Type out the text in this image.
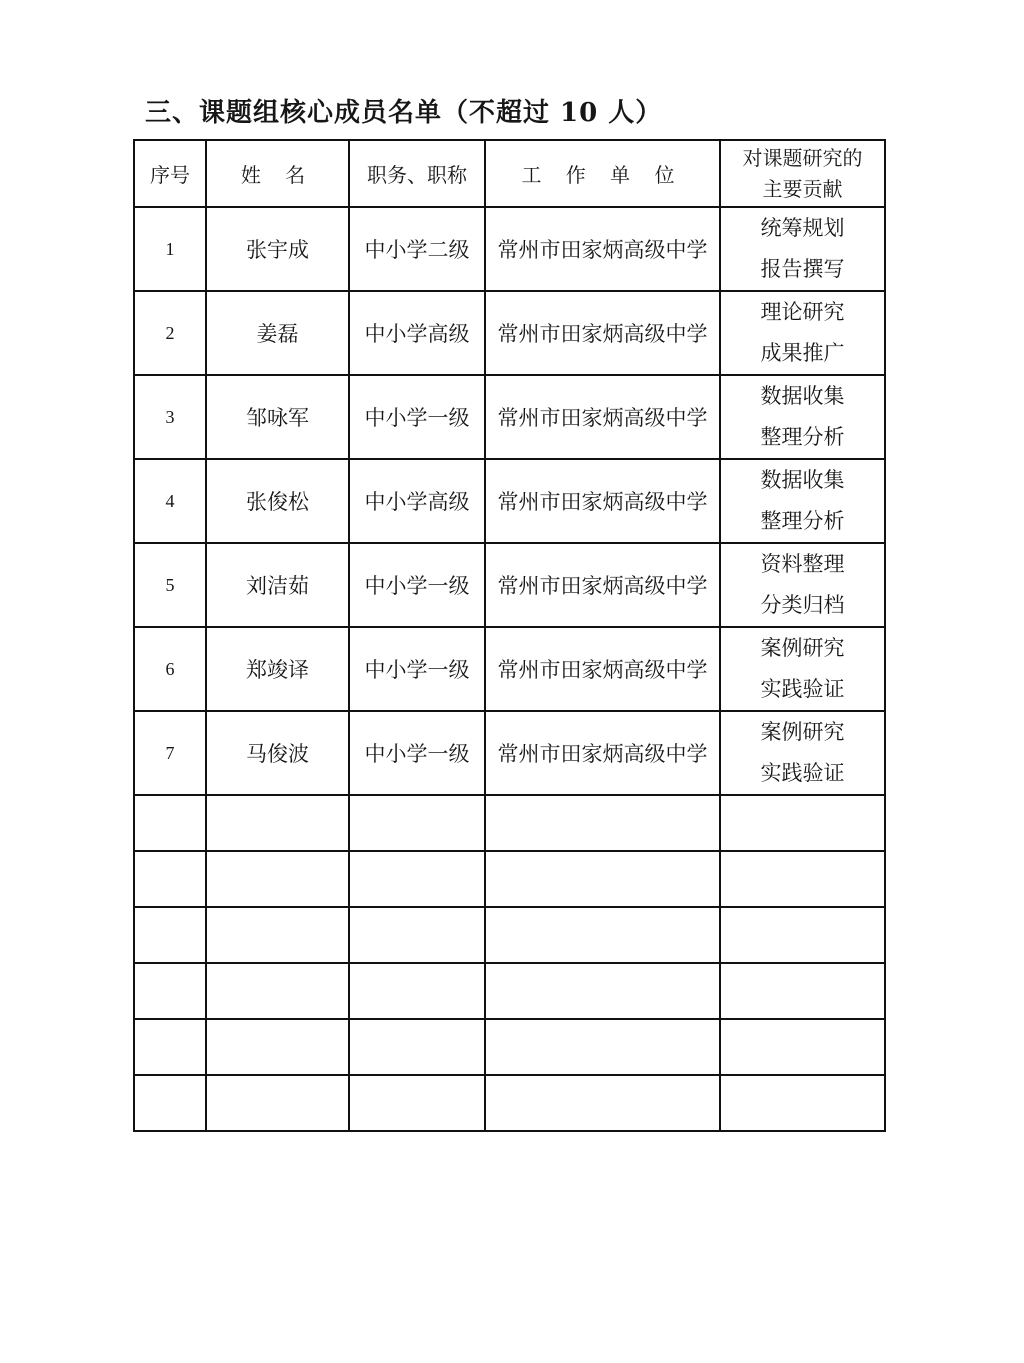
三、课题组核心成员名单（不超过 10 人）
序号	姓 名	职务、职称	工 作 单 位	对课题研究的
主要贡献

1	张宇成	中小学二级	常州市田家炳高级中学	统筹规划
报告撰写

2	姜磊	中小学高级	常州市田家炳高级中学	理论研究
成果推广

3	邹咏军	中小学一级	常州市田家炳高级中学	数据收集
整理分析

4	张俊松	中小学高级	常州市田家炳高级中学	数据收集
整理分析

5	刘洁茹	中小学一级	常州市田家炳高级中学	资料整理
分类归档

6	郑竣译	中小学一级	常州市田家炳高级中学	案例研究
实践验证

7	马俊波	中小学一级	常州市田家炳高级中学	案例研究
实践验证
